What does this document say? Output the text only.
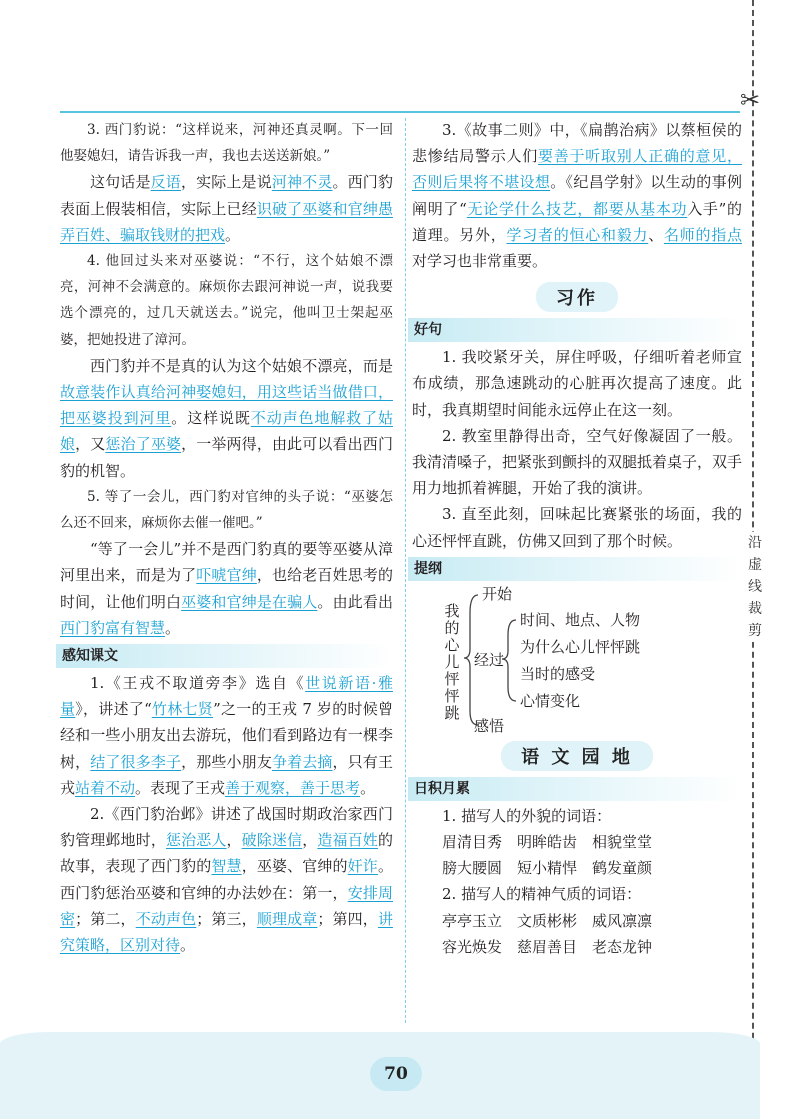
✂
沿虚线裁剪

3. 西门豹说：“这样说来，河神还真灵啊。下一回他娶媳妇，请告诉我一声，我也去送送新娘。”

这句话是反语，实际上是说河神不灵。西门豹表面上假装相信，实际上已经识破了巫婆和官绅愚弄百姓、骗取钱财的把戏。

4. 他回过头来对巫婆说：“不行，这个姑娘不漂亮，河神不会满意的。麻烦你去跟河神说一声，说我要选个漂亮的，过几天就送去。”说完，他叫卫士架起巫婆，把她投进了漳河。

西门豹并不是真的认为这个姑娘不漂亮，而是故意装作认真给河神娶媳妇，用这些话当做借口，把巫婆投到河里。这样说既不动声色地解救了姑娘，又惩治了巫婆，一举两得，由此可以看出西门豹的机智。

5. 等了一会儿，西门豹对官绅的头子说：“巫婆怎么还不回来，麻烦你去催一催吧。”

“等了一会儿”并不是西门豹真的要等巫婆从漳河里出来，而是为了吓唬官绅，也给老百姓思考的时间，让他们明白巫婆和官绅是在骗人。由此看出西门豹富有智慧。

感知课文

1.《王戎不取道旁李》选自《世说新语·雅量》，讲述了“竹林七贤”之一的王戎 7 岁的时候曾经和一些小朋友出去游玩，他们看到路边有一棵李树，结了很多李子，那些小朋友争着去摘，只有王戎站着不动。表现了王戎善于观察，善于思考。

2.《西门豹治邺》讲述了战国时期政治家西门豹管理邺地时，惩治恶人，破除迷信，造福百姓的故事，表现了西门豹的智慧，巫婆、官绅的奸诈。西门豹惩治巫婆和官绅的办法妙在：第一，安排周密；第二，不动声色；第三，顺理成章；第四，讲究策略，区别对待。

3.《故事二则》中，《扁鹊治病》以蔡桓侯的悲惨结局警示人们要善于听取别人正确的意见，否则后果将不堪设想。《纪昌学射》以生动的事例阐明了“无论学什么技艺，都要从基本功入手”的道理。另外，学习者的恒心和毅力、名师的指点对学习也非常重要。

习作
好句

1. 我咬紧牙关，屏住呼吸，仔细听着老师宣布成绩，那急速跳动的心脏再次提高了速度。此时，我真期望时间能永远停止在这一刻。

2. 教室里静得出奇，空气好像凝固了一般。我清清嗓子，把紧张到颤抖的双腿抵着桌子，双手用力地抓着裤腿，开始了我的演讲。

3. 直至此刻，回味起比赛紧张的场面，我的心还怦怦直跳，仿佛又回到了那个时候。

提纲
我的心儿怦怦跳
开始
经过
感悟
时间、地点、人物
为什么心儿怦怦跳
当时的感受
心情变化
语 文 园 地
日积月累

1. 描写人的外貌的词语：

眉清目秀　明眸皓齿　相貌堂堂
膀大腰圆　短小精悍　鹤发童颜

2. 描写人的精神气质的词语：

亭亭玉立　文质彬彬　威风凛凛
容光焕发　慈眉善目　老态龙钟
70
